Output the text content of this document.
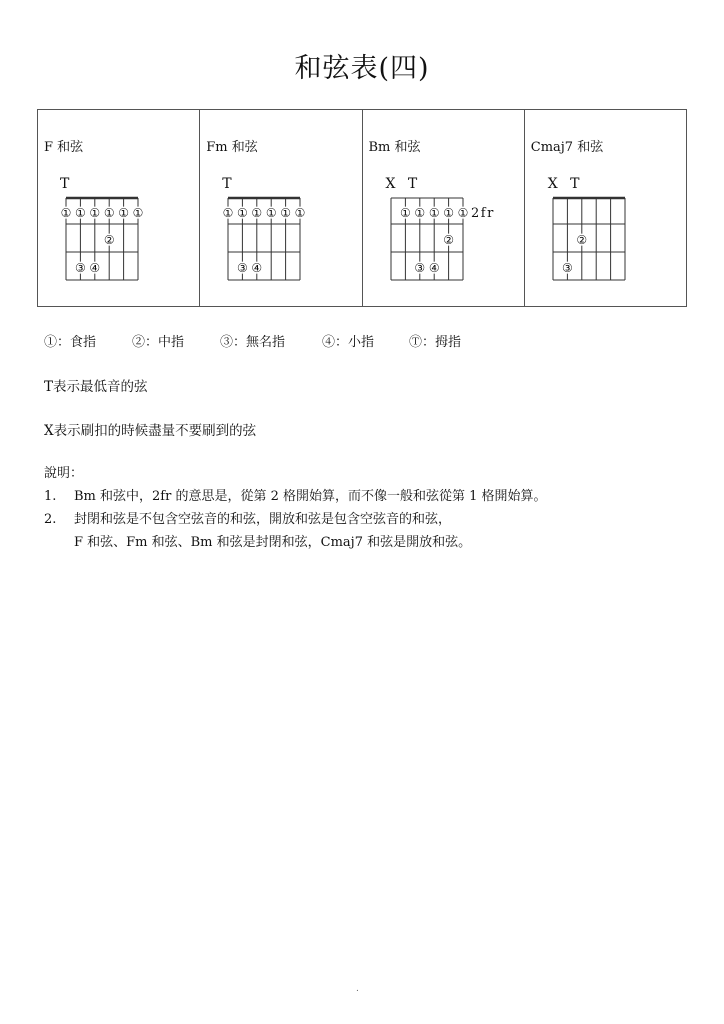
和弦表(四)
F 和弦
T
① ① ① ① ① ①
②
③ ④
Fm 和弦
T
① ① ① ① ① ①
③ ④
Bm 和弦
X T
① ① ① ① ①
②
③ ④
2fr
Cmaj7 和弦
X T
②
③
①：食指	②：中指	③：無名指	④：小指	Ⓣ：拇指
T表示最低音的弦
X表示刷扣的時候盡量不要刷到的弦
說明：
1. Bm 和弦中，2fr 的意思是，從第 2 格開始算，而不像一般和弦從第 1 格開始算。
2. 封閉和弦是不包含空弦音的和弦，開放和弦是包含空弦音的和弦，
F 和弦、Fm 和弦、Bm 和弦是封閉和弦，Cmaj7 和弦是開放和弦。
.
